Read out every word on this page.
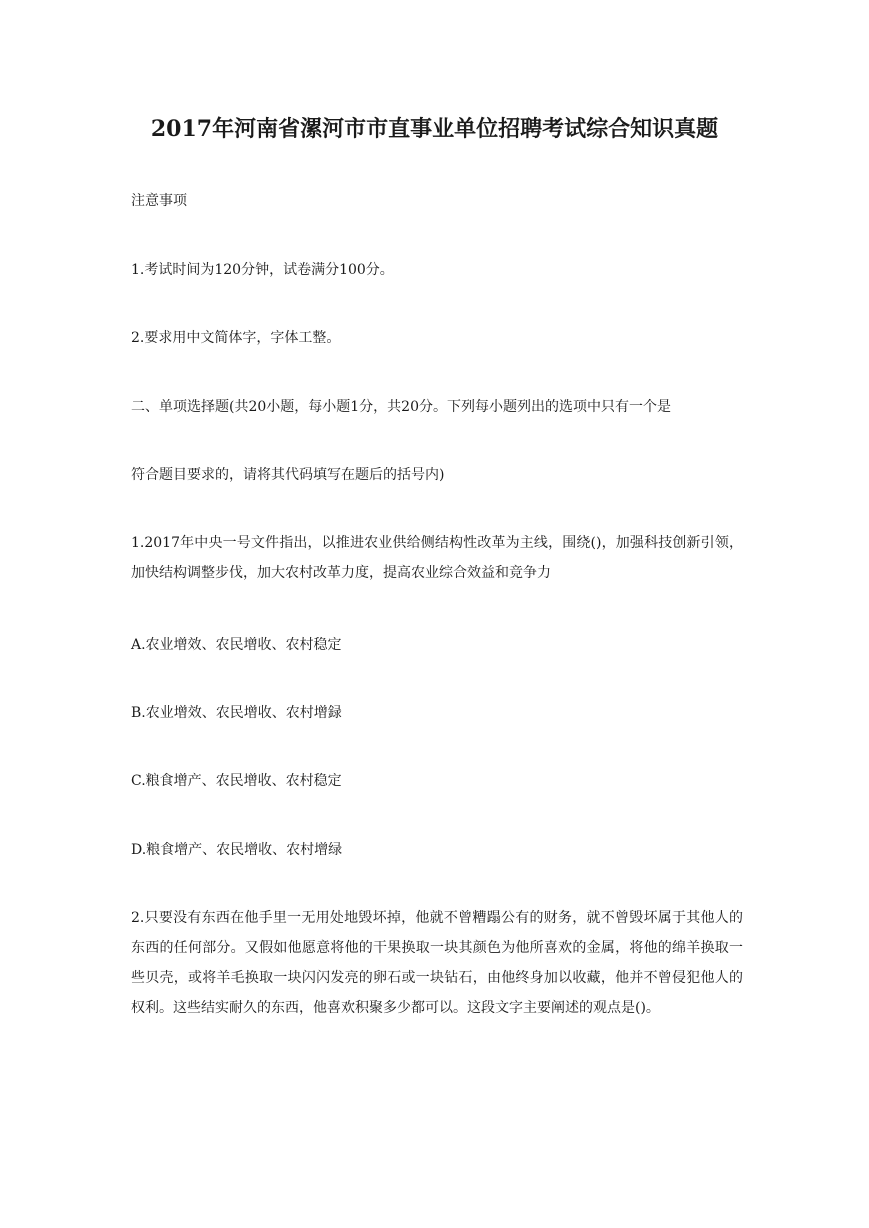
2017年河南省漯河市市直事业单位招聘考试综合知识真题
注意事项
1.考试时间为120分钟，试卷满分100分。
2.要求用中文简体字，字体工整。
二、单项选择题(共20小题，每小题1分，共20分。下列每小题列出的选项中只有一个是
符合题目要求的，请将其代码填写在题后的括号内)
1.2017年中央一号文件指出，以推进农业供给侧结构性改革为主线，围绕()，加强科技创新引领，加快结构调整步伐，加大农村改革力度，提高农业综合效益和竞争力
A.农业增效、农民增收、农村稳定
B.农业增效、农民增收、农村增録
C.粮食增产、农民增收、农村稳定
D.粮食增产、农民增收、农村增绿
2.只要没有东西在他手里一无用处地毁坏掉，他就不曾糟蹋公有的财务，就不曾毁坏属于其他人的东西的任何部分。又假如他愿意将他的干果换取一块其颜色为他所喜欢的金属，将他的绵羊换取一些贝壳，或将羊毛换取一块闪闪发亮的卵石或一块钻石，由他终身加以收藏，他并不曾侵犯他人的权利。这些结实耐久的东西，他喜欢积聚多少都可以。这段文字主要阐述的观点是()。
